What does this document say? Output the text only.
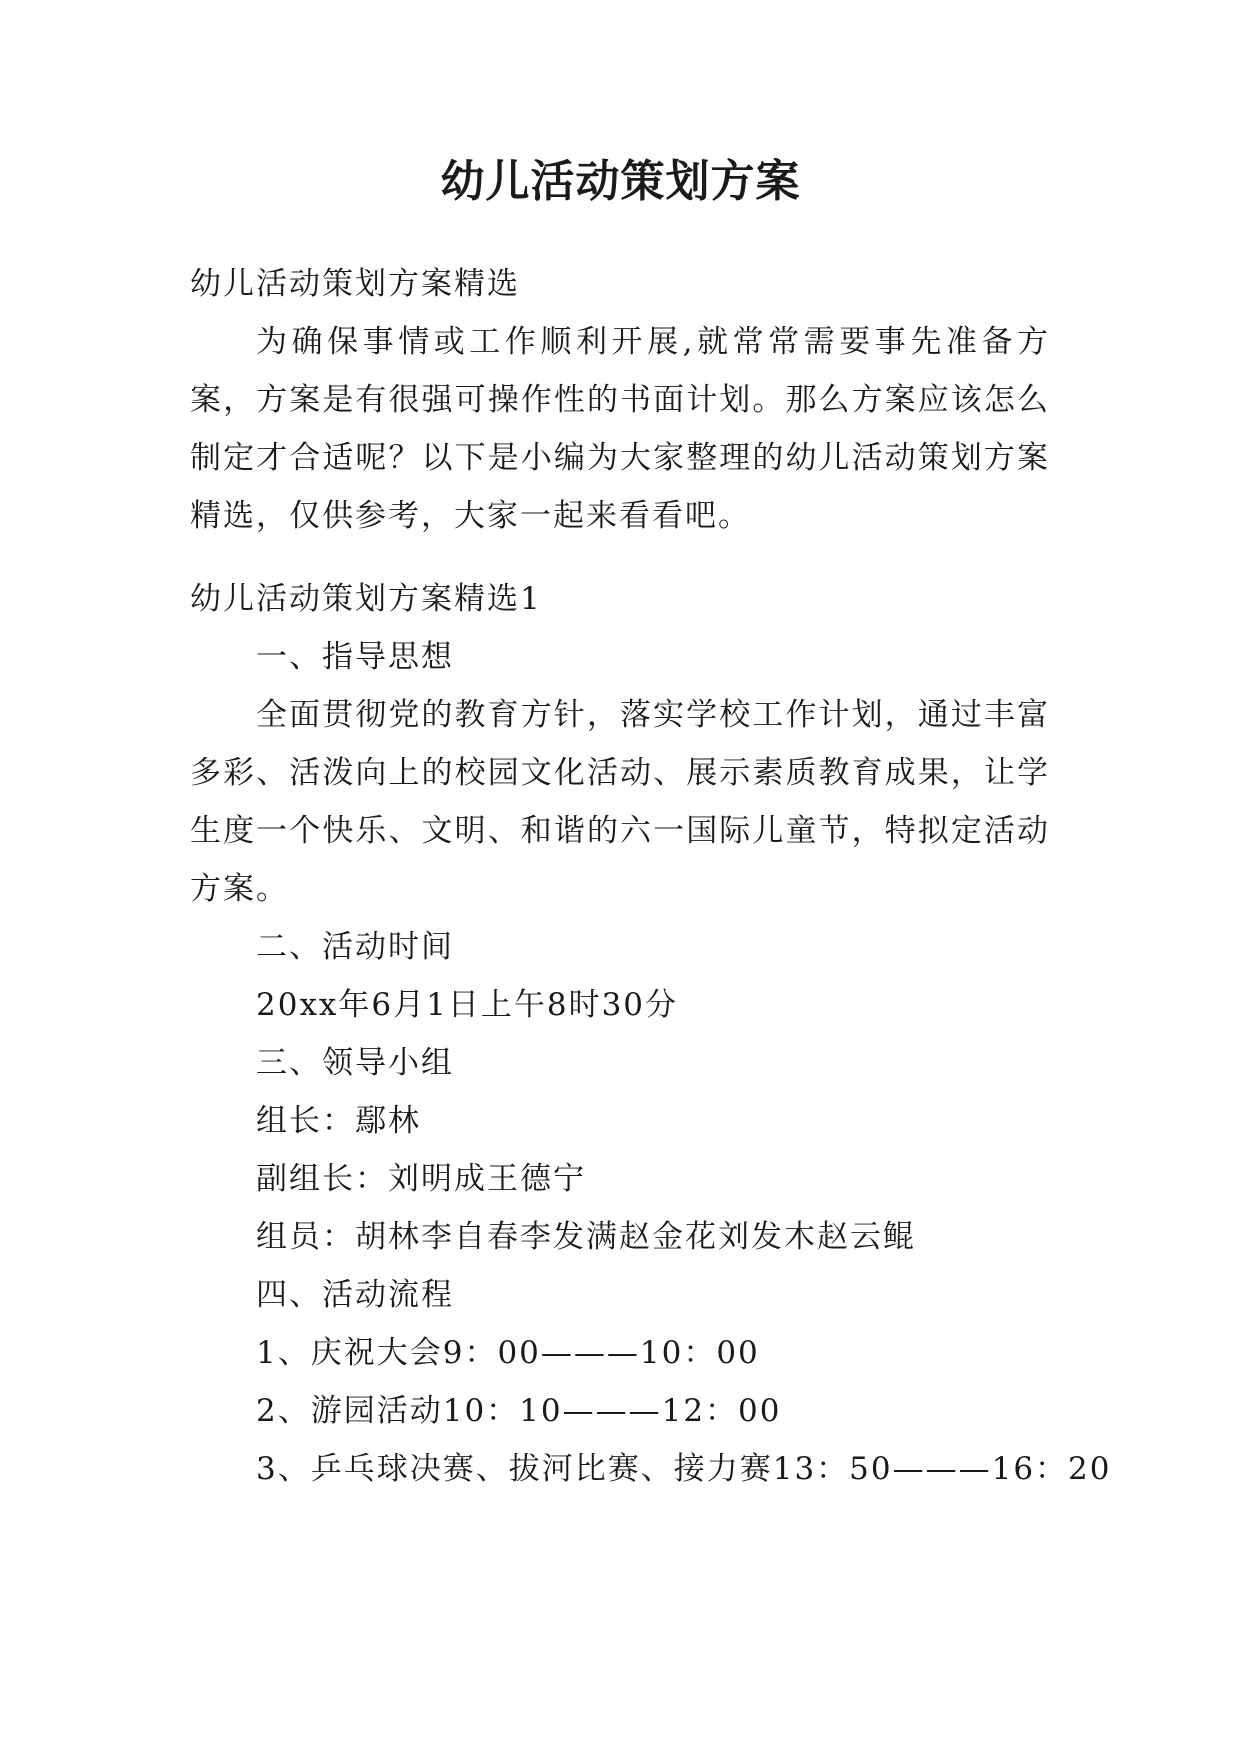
幼儿活动策划方案

幼儿活动策划方案精选

为确保事情或工作顺利开展,就常常需要事先准备方案，方案是有很强可操作性的书面计划。那么方案应该怎么制定才合适呢？以下是小编为大家整理的幼儿活动策划方案精选，仅供参考，大家一起来看看吧。

幼儿活动策划方案精选1

一、指导思想

全面贯彻党的教育方针，落实学校工作计划，通过丰富多彩、活泼向上的校园文化活动、展示素质教育成果，让学生度一个快乐、文明、和谐的六一国际儿童节，特拟定活动方案。

二、活动时间

20xx年6月1日上午8时30分

三、领导小组

组长：鄢林

副组长：刘明成王德宁

组员：胡林李自春李发满赵金花刘发木赵云鲲

四、活动流程

1、庆祝大会9：00———10：00

2、游园活动10：10———12：00

3、乒乓球决赛、拔河比赛、接力赛13：50———16：20
